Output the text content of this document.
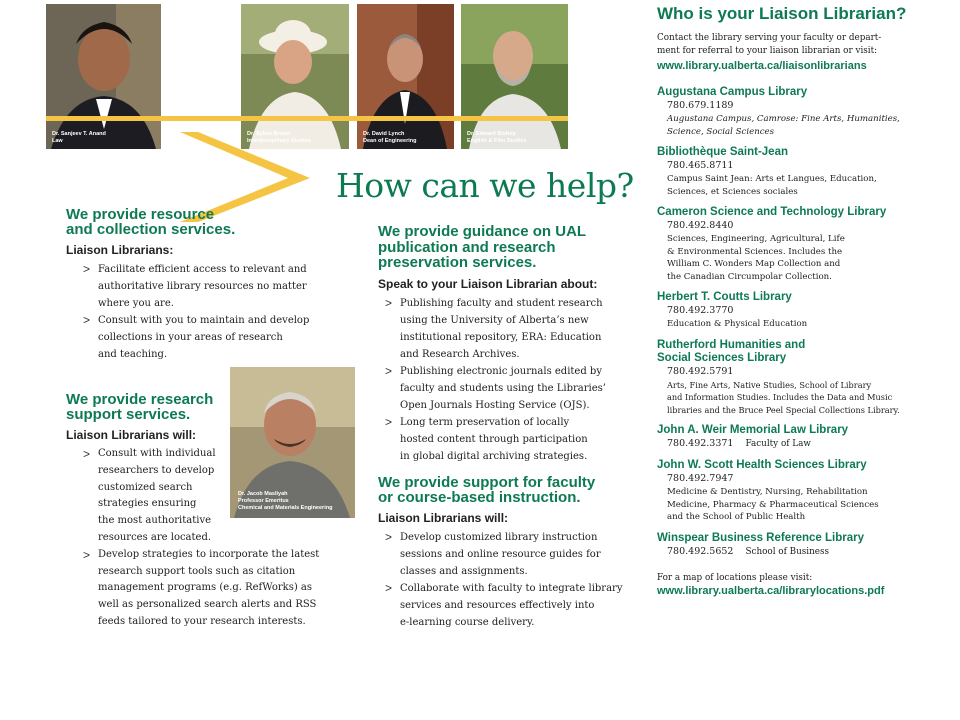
Dr. Sanjeev T. Anand
Law
Dr. Sylvia Brown
Interdisciplinary Studies
Dr. David Lynch
Dean of Engineering
Dr. Edward Bishop
English & Film Studies
How can we help?

We provide resource
and collection services.

Liaison Librarians:

> Facilitate efficient access to relevant and
authoritative library resources no matter
where you are.
> Consult with you to maintain and develop
collections in your areas of research
and teaching.

We provide research
support services.

Liaison Librarians will:

> Consult with individual
researchers to develop
customized search
strategies ensuring
the most authoritative
resources are located.
> Develop strategies to incorporate the latest
research support tools such as citation
management programs (e.g. RefWorks) as
well as personalized search alerts and RSS
feeds tailored to your research interests.
Dr. Jacob Masliyah
Professor Emeritus
Chemical and Materials Engineering

We provide guidance on UAL
publication and research
preservation services.

Speak to your Liaison Librarian about:

> Publishing faculty and student research
using the University of Alberta’s new
institutional repository, ERA: Education
and Research Archives.
> Publishing electronic journals edited by
faculty and students using the Libraries’
Open Journals Hosting Service (OJS).
> Long term preservation of locally
hosted content through participation
in global digital archiving strategies.

We provide support for faculty
or course-based instruction.

Liaison Librarians will:

> Develop customized library instruction
sessions and online resource guides for
classes and assignments.
> Collaborate with faculty to integrate library
services and resources effectively into
e-learning course delivery.
Who is your Liaison Librarian?
Contact the library serving your faculty or depart-
ment for referral to your liaison librarian or visit:
www.library.ualberta.ca/liaisonlibrarians
Augustana Campus Library
780.679.1189
Augustana Campus, Camrose: Fine Arts, Humanities,
Science, Social Sciences
Bibliothèque Saint-Jean
780.465.8711
Campus Saint Jean: Arts et Langues, Education,
Sciences, et Sciences sociales
Cameron Science and Technology Library
780.492.8440
Sciences, Engineering, Agricultural, Life
& Environmental Sciences. Includes the
William C. Wonders Map Collection and
the Canadian Circumpolar Collection.
Herbert T. Coutts Library
780.492.3770
Education & Physical Education
Rutherford Humanities and
Social Sciences Library
780.492.5791
Arts, Fine Arts, Native Studies, School of Library
and Information Studies. Includes the Data and Music
libraries and the Bruce Peel Special Collections Library.
John A. Weir Memorial Law Library
780.492.3371 Faculty of Law
John W. Scott Health Sciences Library
780.492.7947
Medicine & Dentistry, Nursing, Rehabilitation
Medicine, Pharmacy & Pharmaceutical Sciences
and the School of Public Health
Winspear Business Reference Library
780.492.5652 School of Business
For a map of locations please visit:
www.library.ualberta.ca/librarylocations.pdf
